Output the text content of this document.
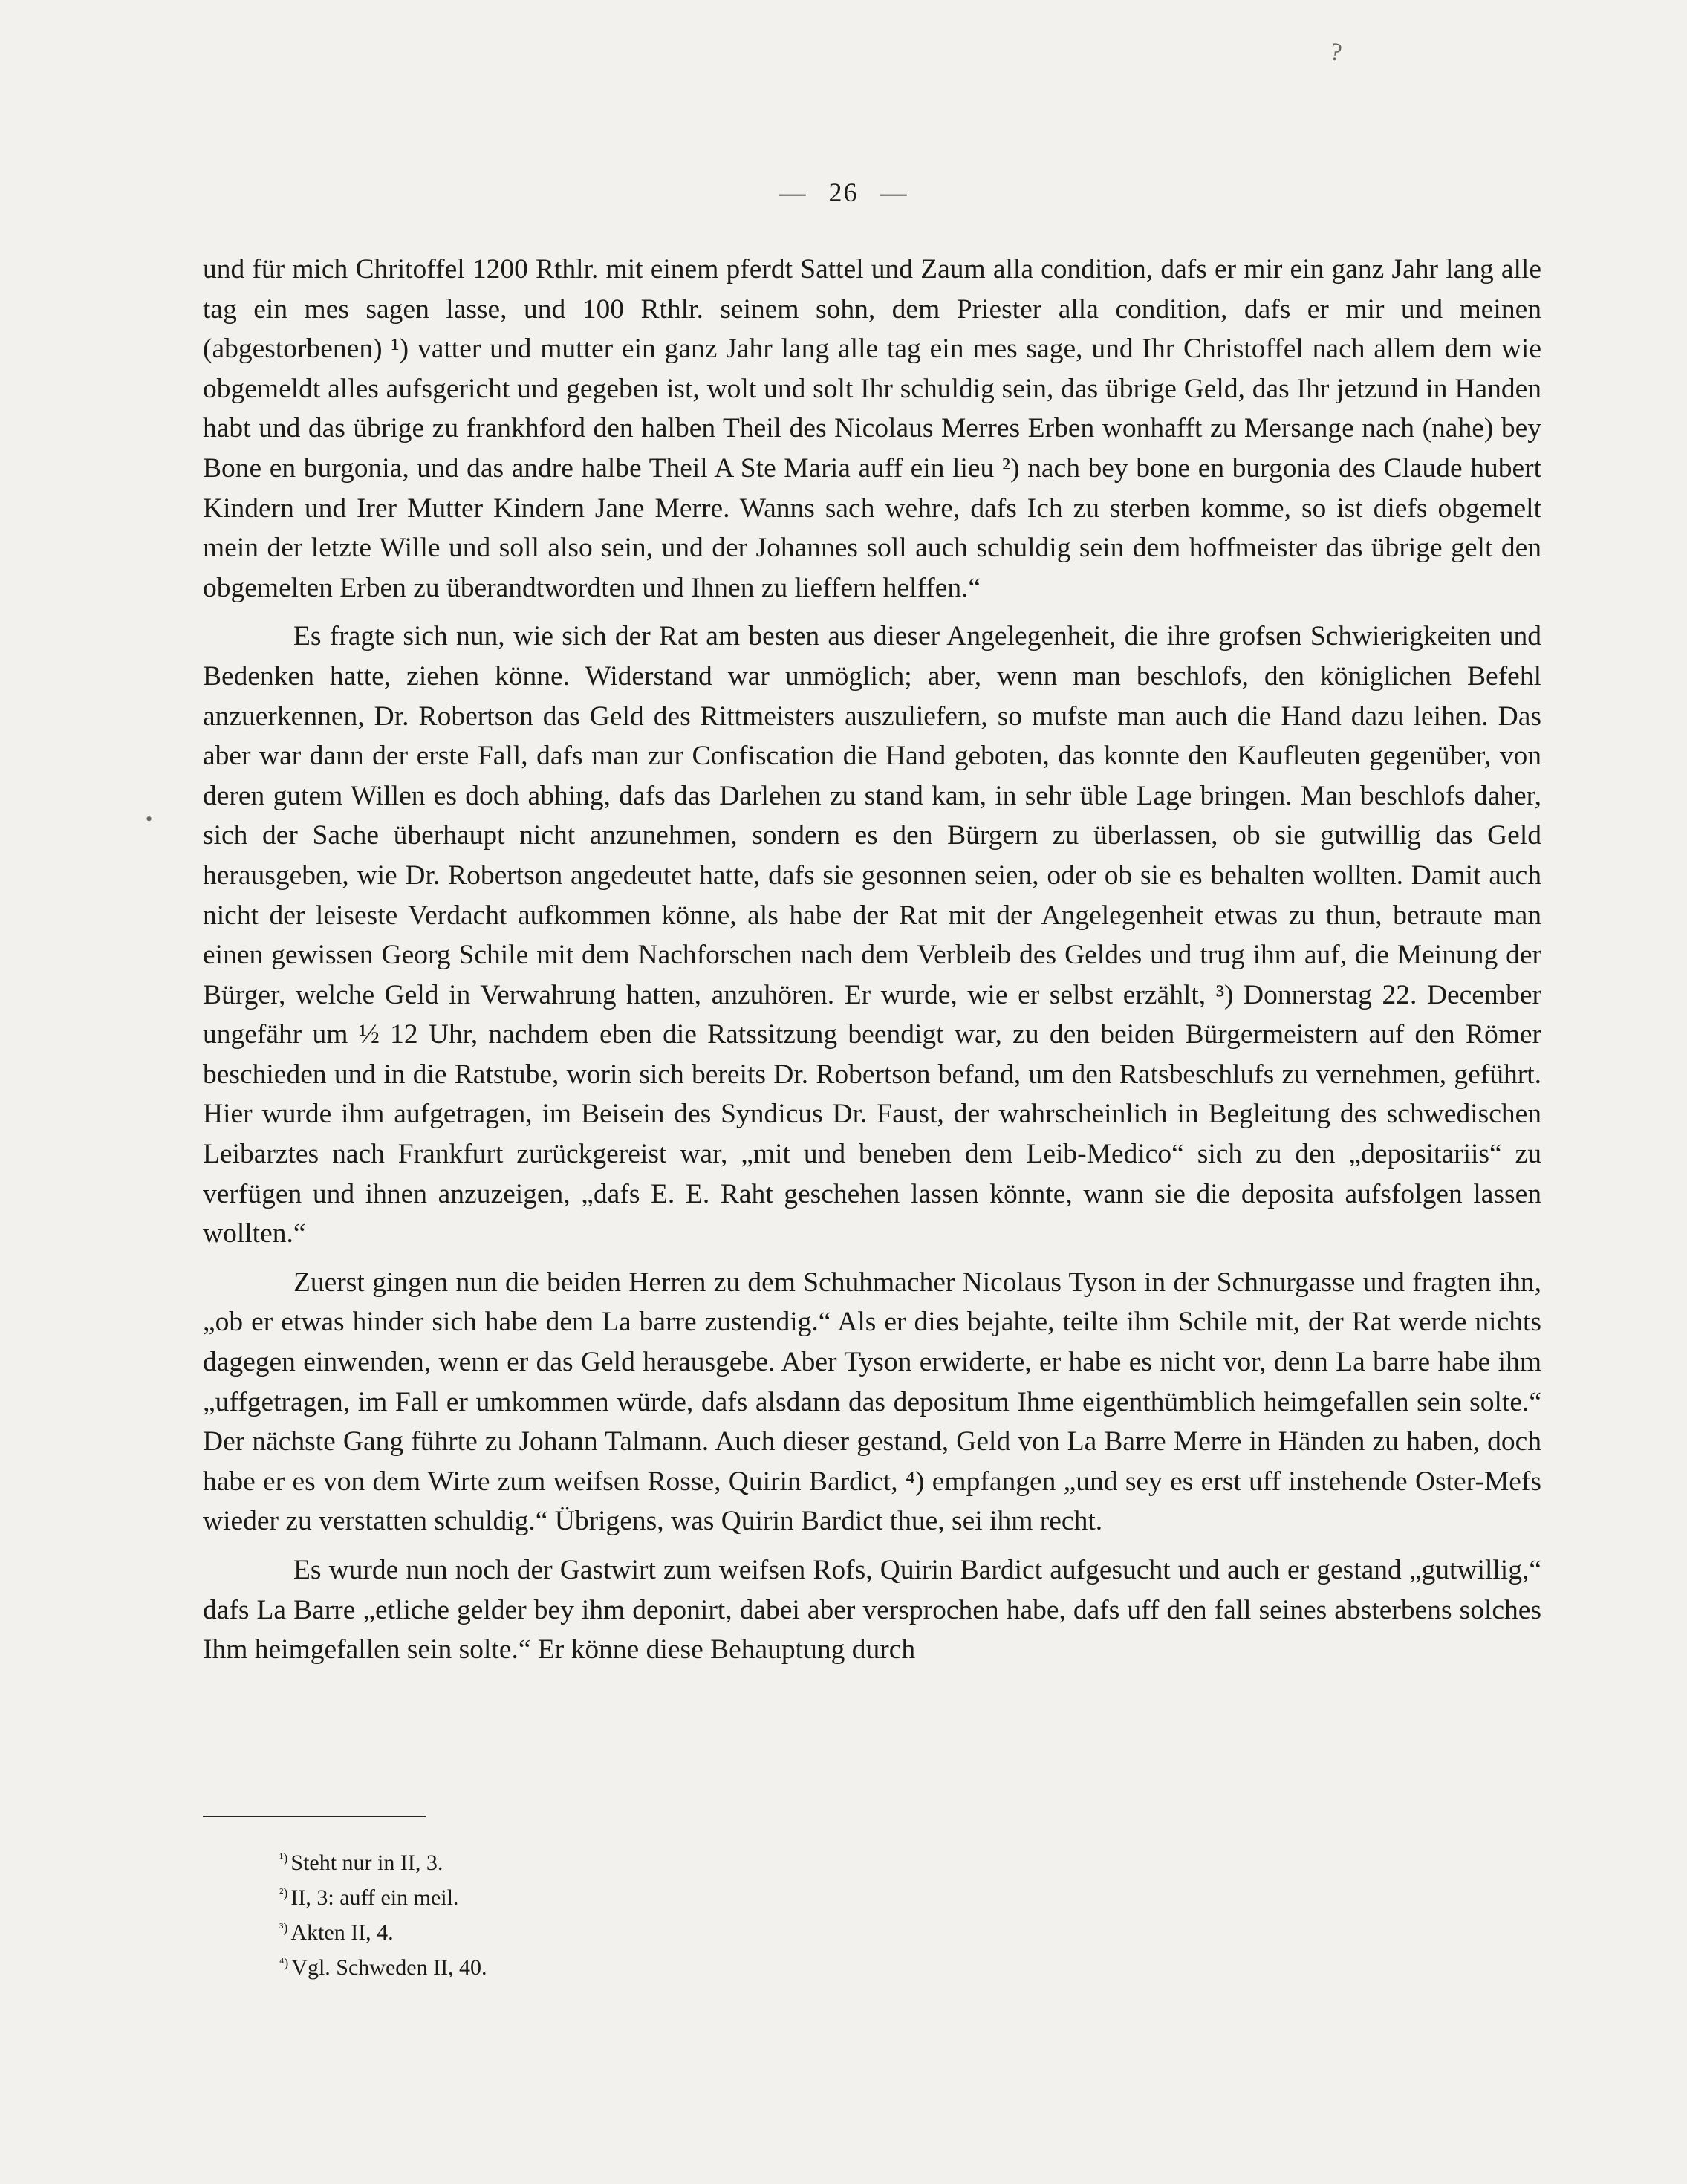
?
•
— 26 —

und für mich Chritoffel 1200 Rthlr. mit einem pferdt Sattel und Zaum alla condition, dafs er mir ein ganz Jahr lang alle tag ein mes sagen lasse, und 100 Rthlr. seinem sohn, dem Priester alla condition, dafs er mir und meinen (abgestorbenen) ¹) vatter und mutter ein ganz Jahr lang alle tag ein mes sage, und Ihr Christoffel nach allem dem wie obgemeldt alles aufsgericht und gegeben ist, wolt und solt Ihr schuldig sein, das übrige Geld, das Ihr jetzund in Handen habt und das übrige zu frankhford den halben Theil des Nicolaus Merres Erben wonhafft zu Mersange nach (nahe) bey Bone en burgonia, und das andre halbe Theil A Ste Maria auff ein lieu ²) nach bey bone en burgonia des Claude hubert Kindern und Irer Mutter Kindern Jane Merre. Wanns sach wehre, dafs Ich zu sterben komme, so ist diefs obgemelt mein der letzte Wille und soll also sein, und der Johannes soll auch schuldig sein dem hoffmeister das übrige gelt den obgemelten Erben zu überandtwordten und Ihnen zu lieffern helffen.“

Es fragte sich nun, wie sich der Rat am besten aus dieser Angelegenheit, die ihre grofsen Schwierigkeiten und Bedenken hatte, ziehen könne. Widerstand war unmöglich; aber, wenn man beschlofs, den königlichen Befehl anzuerkennen, Dr. Robertson das Geld des Rittmeisters auszuliefern, so mufste man auch die Hand dazu leihen. Das aber war dann der erste Fall, dafs man zur Confiscation die Hand geboten, das konnte den Kaufleuten gegenüber, von deren gutem Willen es doch abhing, dafs das Darlehen zu stand kam, in sehr üble Lage bringen. Man beschlofs daher, sich der Sache überhaupt nicht anzunehmen, sondern es den Bürgern zu überlassen, ob sie gutwillig das Geld herausgeben, wie Dr. Robertson angedeutet hatte, dafs sie gesonnen seien, oder ob sie es behalten wollten. Damit auch nicht der leiseste Verdacht aufkommen könne, als habe der Rat mit der Angelegenheit etwas zu thun, betraute man einen gewissen Georg Schile mit dem Nachforschen nach dem Verbleib des Geldes und trug ihm auf, die Meinung der Bürger, welche Geld in Verwahrung hatten, anzuhören. Er wurde, wie er selbst erzählt, ³) Donnerstag 22. December ungefähr um ½ 12 Uhr, nachdem eben die Ratssitzung beendigt war, zu den beiden Bürgermeistern auf den Römer beschieden und in die Ratstube, worin sich bereits Dr. Robertson befand, um den Ratsbeschlufs zu vernehmen, geführt. Hier wurde ihm aufgetragen, im Beisein des Syndicus Dr. Faust, der wahrscheinlich in Begleitung des schwedischen Leibarztes nach Frankfurt zurückgereist war, „mit und beneben dem Leib-Medico“ sich zu den „depositariis“ zu verfügen und ihnen anzuzeigen, „dafs E. E. Raht geschehen lassen könnte, wann sie die deposita aufsfolgen lassen wollten.“

Zuerst gingen nun die beiden Herren zu dem Schuhmacher Nicolaus Tyson in der Schnurgasse und fragten ihn, „ob er etwas hinder sich habe dem La barre zustendig.“ Als er dies bejahte, teilte ihm Schile mit, der Rat werde nichts dagegen einwenden, wenn er das Geld herausgebe. Aber Tyson erwiderte, er habe es nicht vor, denn La barre habe ihm „uffgetragen, im Fall er umkommen würde, dafs alsdann das depositum Ihme eigenthümblich heimgefallen sein solte.“ Der nächste Gang führte zu Johann Talmann. Auch dieser gestand, Geld von La Barre Merre in Händen zu haben, doch habe er es von dem Wirte zum weifsen Rosse, Quirin Bardict, ⁴) empfangen „und sey es erst uff instehende Oster-Mefs wieder zu verstatten schuldig.“ Übrigens, was Quirin Bardict thue, sei ihm recht.

Es wurde nun noch der Gastwirt zum weifsen Rofs, Quirin Bardict aufgesucht und auch er gestand „gutwillig,“ dafs La Barre „etliche gelder bey ihm deponirt, dabei aber versprochen habe, dafs uff den fall seines absterbens solches Ihm heimgefallen sein solte.“ Er könne diese Behauptung durch

$^{^1)}$ Steht nur in II, 3.
$^{^2)}$ II, 3: auff ein meil.
$^{^3)}$ Akten II, 4.
$^{^4)}$ Vgl. Schweden II, 40.
